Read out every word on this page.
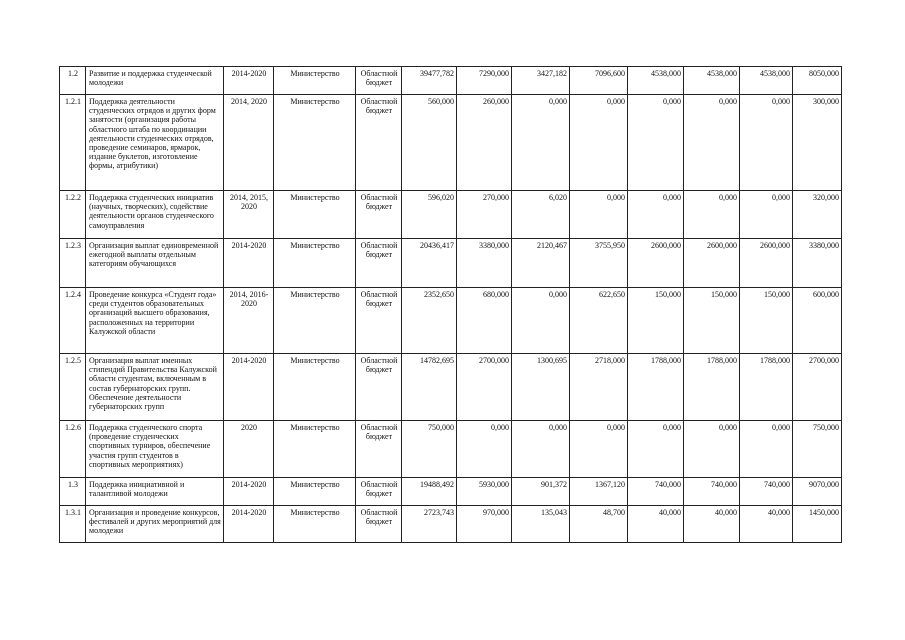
1.2	Развитие и поддержка студенческой молодежи	2014-2020	Министерство	Областной бюджет	39477,782	7290,000	3427,182	7096,600	4538,000	4538,000	4538,000	8050,000
1.2.1	Поддержка деятельности студенческих отрядов и других форм занятости (организация работы областного штаба по координации деятельности студенческих отрядов, проведение семинаров, ярмарок, издание буклетов, изготовление формы, атрибутики)	2014, 2020	Министерство	Областной бюджет	560,000	260,000	0,000	0,000	0,000	0,000	0,000	300,000
1.2.2	Поддержка студенческих инициатив (научных, творческих), содействие деятельности органов студенческого самоуправления	2014, 2015, 2020	Министерство	Областной бюджет	596,020	270,000	6,020	0,000	0,000	0,000	0,000	320,000
1.2.3	Организация выплат единовременной ежегодной выплаты отдельным категориям обучающихся	2014-2020	Министерство	Областной бюджет	20436,417	3380,000	2120,467	3755,950	2600,000	2600,000	2600,000	3380,000
1.2.4	Проведение конкурса «Студент года» среди студентов образовательных организаций высшего образования, расположенных на территории Калужской области	2014, 2016-2020	Министерство	Областной бюджет	2352,650	680,000	0,000	622,650	150,000	150,000	150,000	600,000
1.2.5	Организация выплат именных стипендий Правительства Калужской области студентам, включенным в состав губернаторских групп. Обеспечение деятельности губернаторских групп	2014-2020	Министерство	Областной бюджет	14782,695	2700,000	1300,695	2718,000	1788,000	1788,000	1788,000	2700,000
1.2.6	Поддержка студенческого спорта (проведение студенческих спортивных турниров, обеспечение участия групп студентов в спортивных мероприятиях)	2020	Министерство	Областной бюджет	750,000	0,000	0,000	0,000	0,000	0,000	0,000	750,000
1.3	Поддержка инициативной и талантливой молодежи	2014-2020	Министерство	Областной бюджет	19488,492	5930,000	901,372	1367,120	740,000	740,000	740,000	9070,000
1.3.1	Организация и проведение конкурсов, фестивалей и других мероприятий для молодежи	2014-2020	Министерство	Областной бюджет	2723,743	970,000	135,043	48,700	40,000	40,000	40,000	1450,000
